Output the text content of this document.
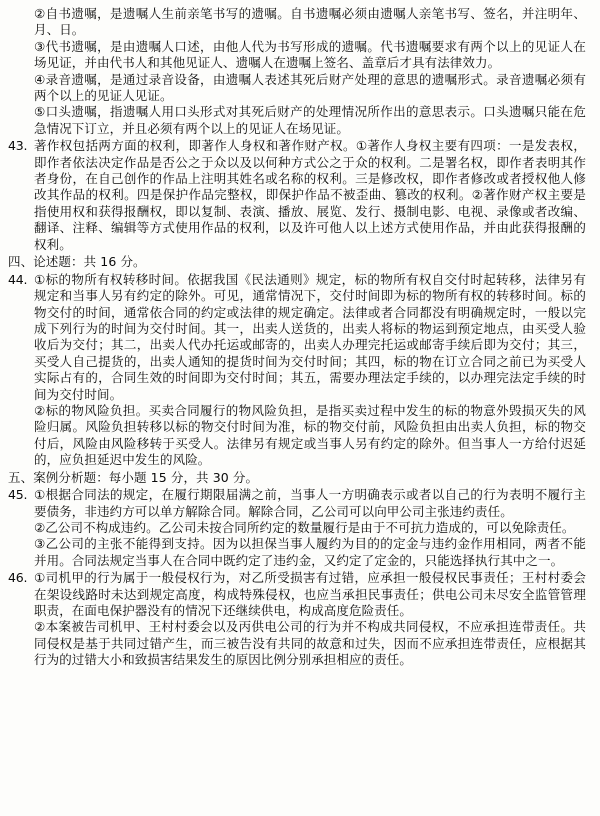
②自书遗嘱，是遗嘱人生前亲笔书写的遗嘱。自书遗嘱必须由遗嘱人亲笔书写、签名，并注明年、月、日。

③代书遗嘱，是由遗嘱人口述，由他人代为书写形成的遗嘱。代书遗嘱要求有两个以上的见证人在场见证，并由代书人和其他见证人、遗嘱人在遗嘱上签名、盖章后才具有法律效力。

④录音遗嘱，是通过录音设备，由遗嘱人表述其死后财产处理的意思的遗嘱形式。录音遗嘱必须有两个以上的见证人见证。

⑤口头遗嘱，指遗嘱人用口头形式对其死后财产的处理情况所作出的意思表示。口头遗嘱只能在危急情况下订立，并且必须有两个以上的见证人在场见证。

43. 著作权包括两方面的权利，即著作人身权和著作财产权。①著作人身权主要有四项：一是发表权，即作者依法决定作品是否公之于众以及以何种方式公之于众的权利。二是署名权，即作者表明其作者身份，在自己创作的作品上注明其姓名或名称的权利。三是修改权，即作者修改或者授权他人修改其作品的权利。四是保护作品完整权，即保护作品不被歪曲、篡改的权利。②著作财产权主要是指使用权和获得报酬权，即以复制、表演、播放、展览、发行、摄制电影、电视、录像或者改编、翻译、注释、编辑等方式使用作品的权利，以及许可他人以上述方式使用作品，并由此获得报酬的权利。

四、论述题：共 16 分。
44. ①标的物所有权转移时间。依据我国《民法通则》规定，标的物所有权自交付时起转移，法律另有规定和当事人另有约定的除外。可见，通常情况下，交付时间即为标的物所有权的转移时间。标的物交付的时间，通常依合同的约定或法律的规定确定。法律或者合同都没有明确规定时，一般以完成下列行为的时间为交付时间。其一，出卖人送货的，出卖人将标的物运到预定地点，由买受人验收后为交付；其二，出卖人代办托运或邮寄的，出卖人办理完托运或邮寄手续后即为交付；其三，买受人自己提货的，出卖人通知的提货时间为交付时间；其四，标的物在订立合同之前已为买受人实际占有的，合同生效的时间即为交付时间；其五，需要办理法定手续的，以办理完法定手续的时间为交付时间。

②标的物风险负担。买卖合同履行的物风险负担，是指买卖过程中发生的标的物意外毁损灭失的风险归属。风险负担转移以标的物交付时间为准，标的物交付前，风险负担由出卖人负担，标的物交付后，风险由风险移转于买受人。法律另有规定或当事人另有约定的除外。但当事人一方给付迟延的，应负担延迟中发生的风险。

五、案例分析题：每小题 15 分，共 30 分。
45. ①根据合同法的规定，在履行期限届满之前，当事人一方明确表示或者以自己的行为表明不履行主要债务，非违约方可以单方解除合同。解除合同，乙公司可以向甲公司主张违约责任。

②乙公司不构成违约。乙公司未按合同所约定的数量履行是由于不可抗力造成的，可以免除责任。

③乙公司的主张不能得到支持。因为以担保当事人履约为目的的定金与违约金作用相同，两者不能并用。合同法规定当事人在合同中既约定了违约金，又约定了定金的，只能选择执行其中之一。

46. ①司机甲的行为属于一般侵权行为，对乙所受损害有过错，应承担一般侵权民事责任；王村村委会在架设线路时未达到规定高度，构成特殊侵权，也应当承担民事责任；供电公司未尽安全监管管理职责，在面电保护器没有的情况下还继续供电，构成高度危险责任。

②本案被告司机甲、王村村委会以及丙供电公司的行为并不构成共同侵权，不应承担连带责任。共同侵权是基于共同过错产生，而三被告没有共同的故意和过失，因而不应承担连带责任，应根据其行为的过错大小和致损害结果发生的原因比例分别承担相应的责任。
